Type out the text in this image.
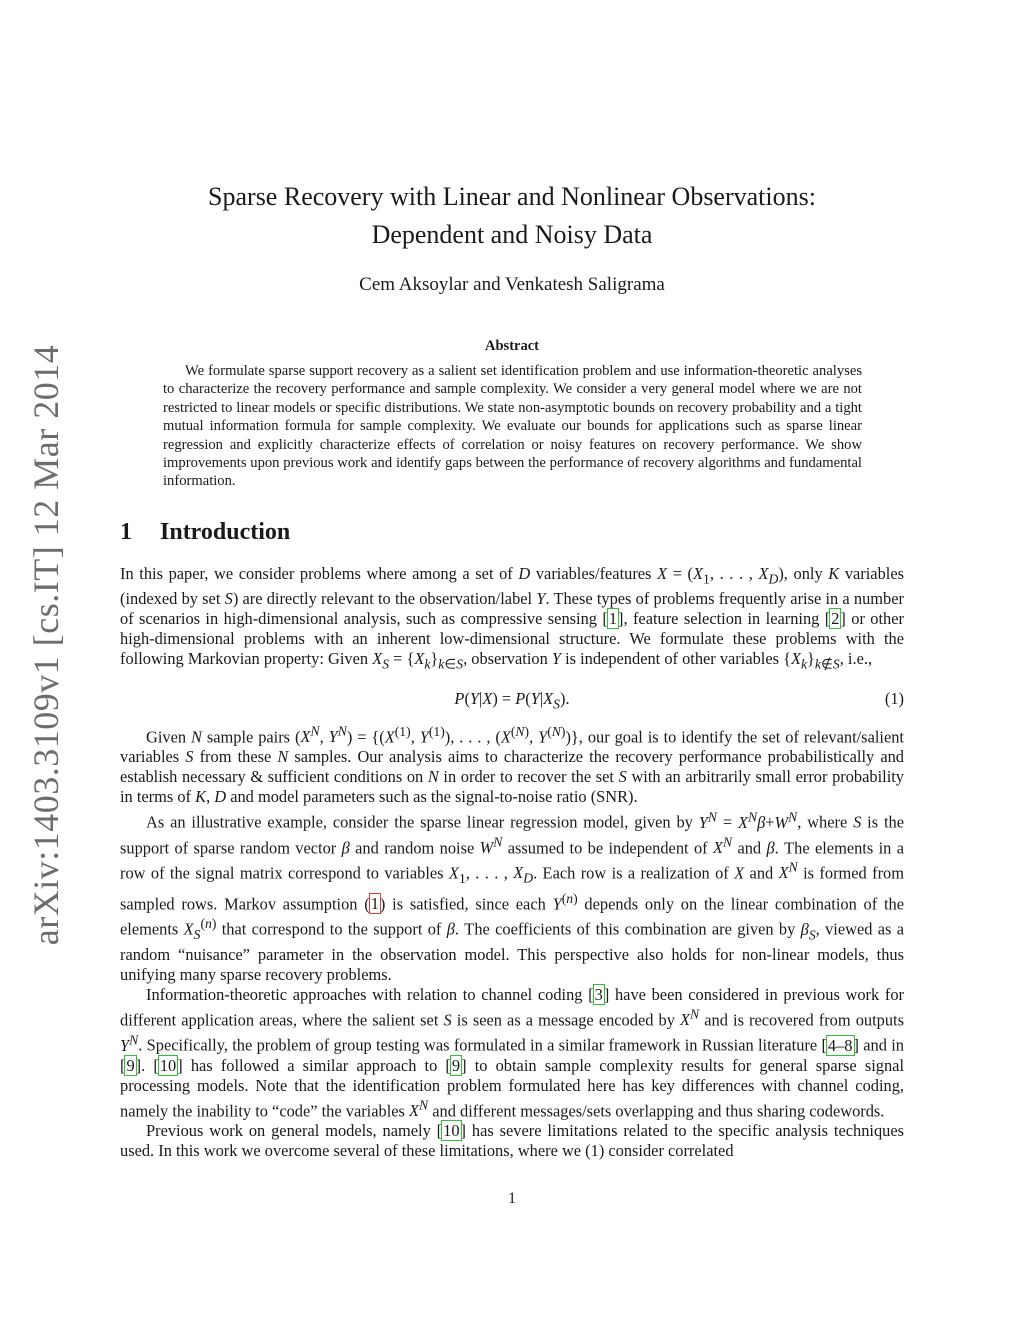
arXiv:1403.3109v1 [cs.IT] 12 Mar 2014
Sparse Recovery with Linear and Nonlinear Observations:
Dependent and Noisy Data
Cem Aksoylar and Venkatesh Saligrama
Abstract
We formulate sparse support recovery as a salient set identification problem and use information-theoretic analyses to characterize the recovery performance and sample complexity. We consider a very general model where we are not restricted to linear models or specific distributions. We state non-asymptotic bounds on recovery probability and a tight mutual information formula for sample complexity. We evaluate our bounds for applications such as sparse linear regression and explicitly characterize effects of correlation or noisy features on recovery performance. We show improvements upon previous work and identify gaps between the performance of recovery algorithms and fundamental information.
1 Introduction

In this paper, we consider problems where among a set of D variables/features $X = (X_1$, . . . , $X_D$), only K variables (indexed by set S) are directly relevant to the observation/label Y. These types of problems frequently arise in a number of scenarios in high-dimensional analysis, such as compressive sensing [1], feature selection in learning [2] or other high-dimensional problems with an inherent low-dimensional structure. We formulate these problems with the following Markovian property: Given $X_S = \{X_k\}_{k\in S}$, observation Y is independent of other variables $\{X_k\}_{k\notin S}$, i.e.,

$P(Y|X) = P(Y|X_S)$.	(1)

Given N sample pairs ($X^N$, $Y^N) = \{(X^{(1)}$, $Y^{(1)}$), . . . , ($X^{(N)}$, $Y^{(N)}$)}, our goal is to identify the set of relevant/salient variables S from these N samples. Our analysis aims to characterize the recovery performance probabilistically and establish necessary & sufficient conditions on N in order to recover the set S with an arbitrarily small error probability in terms of K, D and model parameters such as the signal-to-noise ratio (SNR).

As an illustrative example, consider the sparse linear regression model, given by $Y^N = X^N\beta+W^N$, where S is the support of sparse random vector β and random noise $W^N$ assumed to be independent of $X^N$ and β. The elements in a row of the signal matrix correspond to variables $X_1$, . . . , $X_D$. Each row is a realization of X and $X^N$ is formed from sampled rows. Markov assumption (1) is satisfied, since each $Y^{(n)}$ depends only on the linear combination of the elements $X_S^{(n)}$ that correspond to the support of β. The coefficients of this combination are given by $\beta_S$, viewed as a random “nuisance” parameter in the observation model. This perspective also holds for non-linear models, thus unifying many sparse recovery problems.

Information-theoretic approaches with relation to channel coding [3] have been considered in previous work for different application areas, where the salient set S is seen as a message encoded by $X^N$ and is recovered from outputs $Y^N$. Specifically, the problem of group testing was formulated in a similar framework in Russian literature [4–8] and in [9]. [10] has followed a similar approach to [9] to obtain sample complexity results for general sparse signal processing models. Note that the identification problem formulated here has key differences with channel coding, namely the inability to “code” the variables $X^N$ and different messages/sets overlapping and thus sharing codewords.

Previous work on general models, namely [10] has severe limitations related to the specific analysis techniques used. In this work we overcome several of these limitations, where we (1) consider correlated

1
